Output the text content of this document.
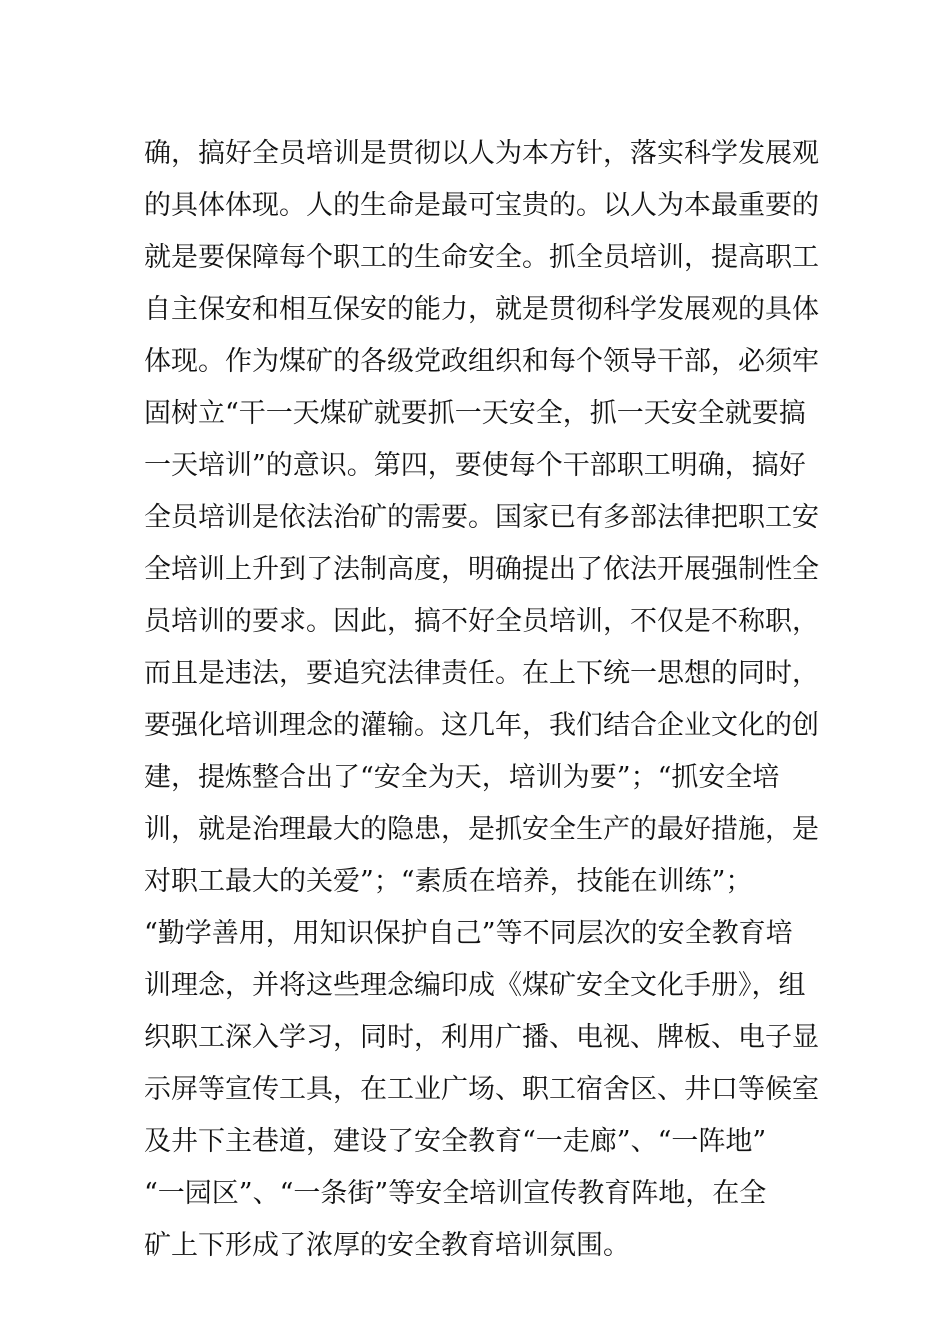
确，搞好全员培训是贯彻以人为本方针，落实科学发展观
的具体体现。人的生命是最可宝贵的。以人为本最重要的
就是要保障每个职工的生命安全。抓全员培训，提高职工
自主保安和相互保安的能力，就是贯彻科学发展观的具体
体现。作为煤矿的各级党政组织和每个领导干部，必须牢
固树立“干一天煤矿就要抓一天安全，抓一天安全就要搞
一天培训”的意识。第四，要使每个干部职工明确，搞好
全员培训是依法治矿的需要。国家已有多部法律把职工安
全培训上升到了法制高度，明确提出了依法开展强制性全
员培训的要求。因此，搞不好全员培训，不仅是不称职，
而且是违法，要追究法律责任。在上下统一思想的同时，
要强化培训理念的灌输。这几年，我们结合企业文化的创
建，提炼整合出了“安全为天，培训为要”；“抓安全培
训，就是治理最大的隐患，是抓安全生产的最好措施，是
对职工最大的关爱”；“素质在培养，技能在训练”；
“勤学善用，用知识保护自己”等不同层次的安全教育培
训理念，并将这些理念编印成《煤矿安全文化手册》，组
织职工深入学习，同时，利用广播、电视、牌板、电子显
示屏等宣传工具，在工业广场、职工宿舍区、井口等候室
及井下主巷道，建设了安全教育“一走廊”、“一阵地”
“一园区”、“一条街”等安全培训宣传教育阵地，在全
矿上下形成了浓厚的安全教育培训氛围。
